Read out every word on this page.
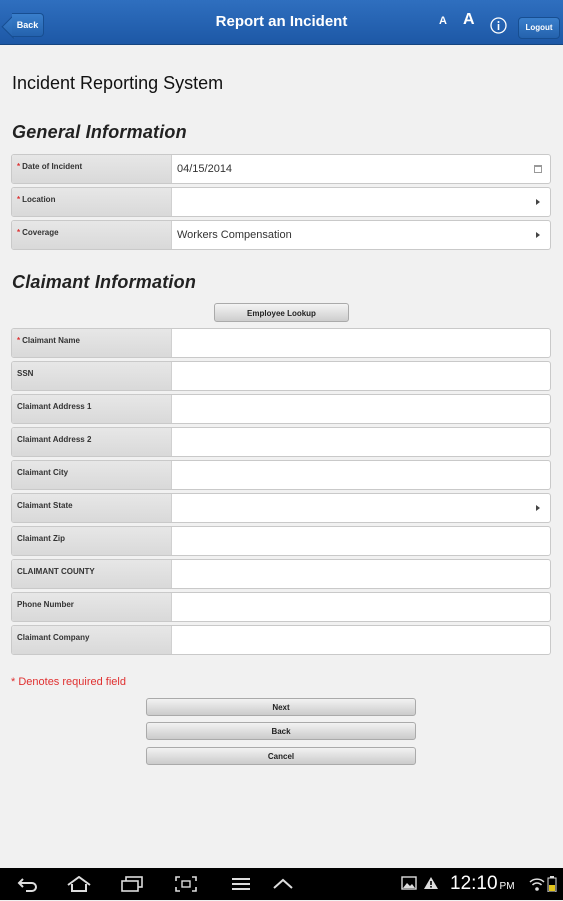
Back	Report an Incident	A A	Logout
Incident Reporting System
General Information
* Date of Incident	04/15/2014
* Location
* Coverage	Workers Compensation
Claimant Information
Employee Lookup
* Claimant Name
SSN
Claimant Address 1
Claimant Address 2
Claimant City
Claimant State
Claimant Zip
CLAIMANT COUNTY
Phone Number
Claimant Company
* Denotes required field
Next
Back
Cancel
12:10 PM
